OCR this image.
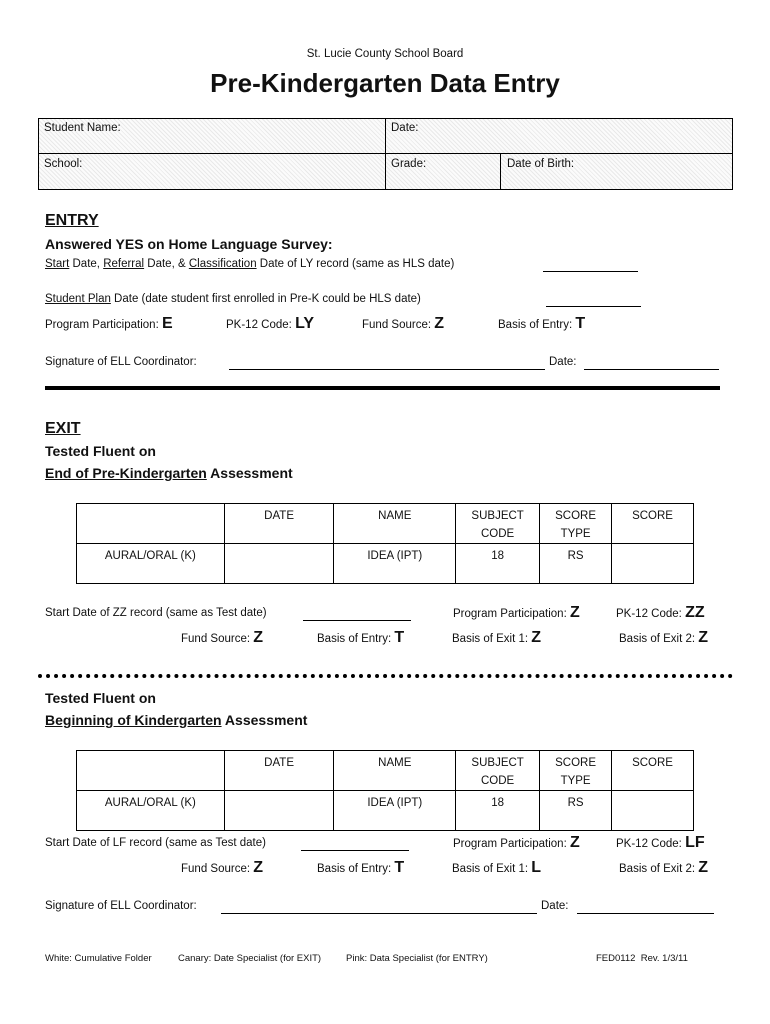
St. Lucie County School Board
Pre-Kindergarten Data Entry
Student Name:	Date:
School:	Grade:	Date of Birth:
ENTRY
Answered YES on Home Language Survey:
Start Date, Referral Date, & Classification Date of LY record (same as HLS date)
Student Plan Date (date student first enrolled in Pre-K could be HLS date)
Program Participation: E	PK-12 Code: LY	Fund Source: Z	Basis of Entry: T
Signature of ELL Coordinator:	Date:
EXIT
Tested Fluent on
End of Pre-Kindergarten Assessment
	DATE	NAME	SUBJECT CODE	SCORE TYPE	SCORE
AURAL/ORAL (K)		IDEA (IPT)	18	RS	
Start Date of ZZ record (same as Test date)	Program Participation: Z	PK-12 Code: ZZ
Fund Source: Z	Basis of Entry: T	Basis of Exit 1: Z	Basis of Exit 2: Z
Tested Fluent on
Beginning of Kindergarten Assessment
	DATE	NAME	SUBJECT CODE	SCORE TYPE	SCORE
AURAL/ORAL (K)		IDEA (IPT)	18	RS	
Start Date of LF record (same as Test date)	Program Participation: Z	PK-12 Code: LF
Fund Source: Z	Basis of Entry: T	Basis of Exit 1: L	Basis of Exit 2: Z
Signature of ELL Coordinator:	Date:
White: Cumulative Folder	Canary: Date Specialist (for EXIT)	Pink: Data Specialist (for ENTRY)	FED0112  Rev. 1/3/11
